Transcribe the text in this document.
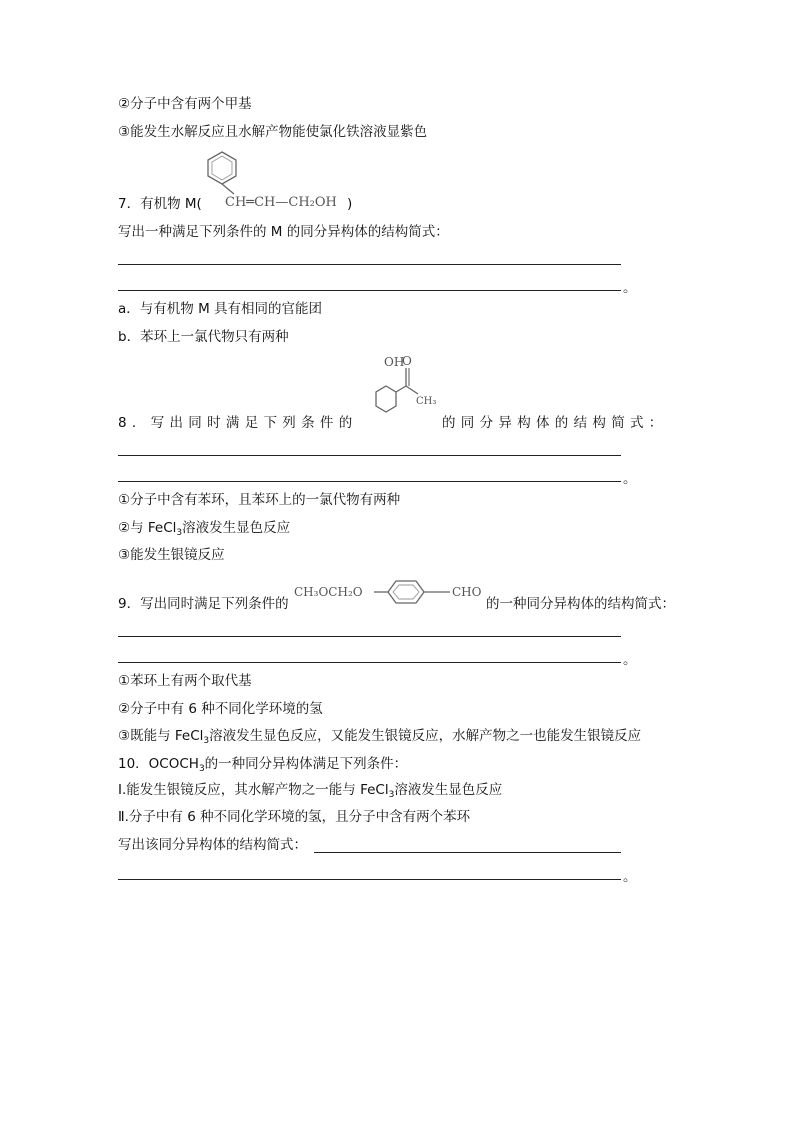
②分子中含有两个甲基
③能发生水解反应且水解产物能使氯化铁溶液显紫色
7．有机物 M( CH═CH—CH₂OH )
写出一种满足下列条件的 M 的同分异构体的结构简式：
。
a．与有机物 M 具有相同的官能团
b．苯环上一氯代物只有两种
8．写出同时满足下列条件的
OH
O
CH₃
的同分异构体的结构简式：
。
①分子中含有苯环，且苯环上的一氯代物有两种
②与 FeCl$_3$溶液发生显色反应
③能发生银镜反应
9．写出同时满足下列条件的
CH₃OCH₂O	CHO
的一种同分异构体的结构简式：
。
①苯环上有两个取代基
②分子中有 6 种不同化学环境的氢
③既能与 FeCl$_3$溶液发生显色反应，又能发生银镜反应，水解产物之一也能发生银镜反应
10．$OCOCH_3$的一种同分异构体满足下列条件：
Ⅰ.能发生银镜反应，其水解产物之一能与 FeCl$_3$溶液发生显色反应
Ⅱ.分子中有 6 种不同化学环境的氢，且分子中含有两个苯环
写出该同分异构体的结构简式：
。
